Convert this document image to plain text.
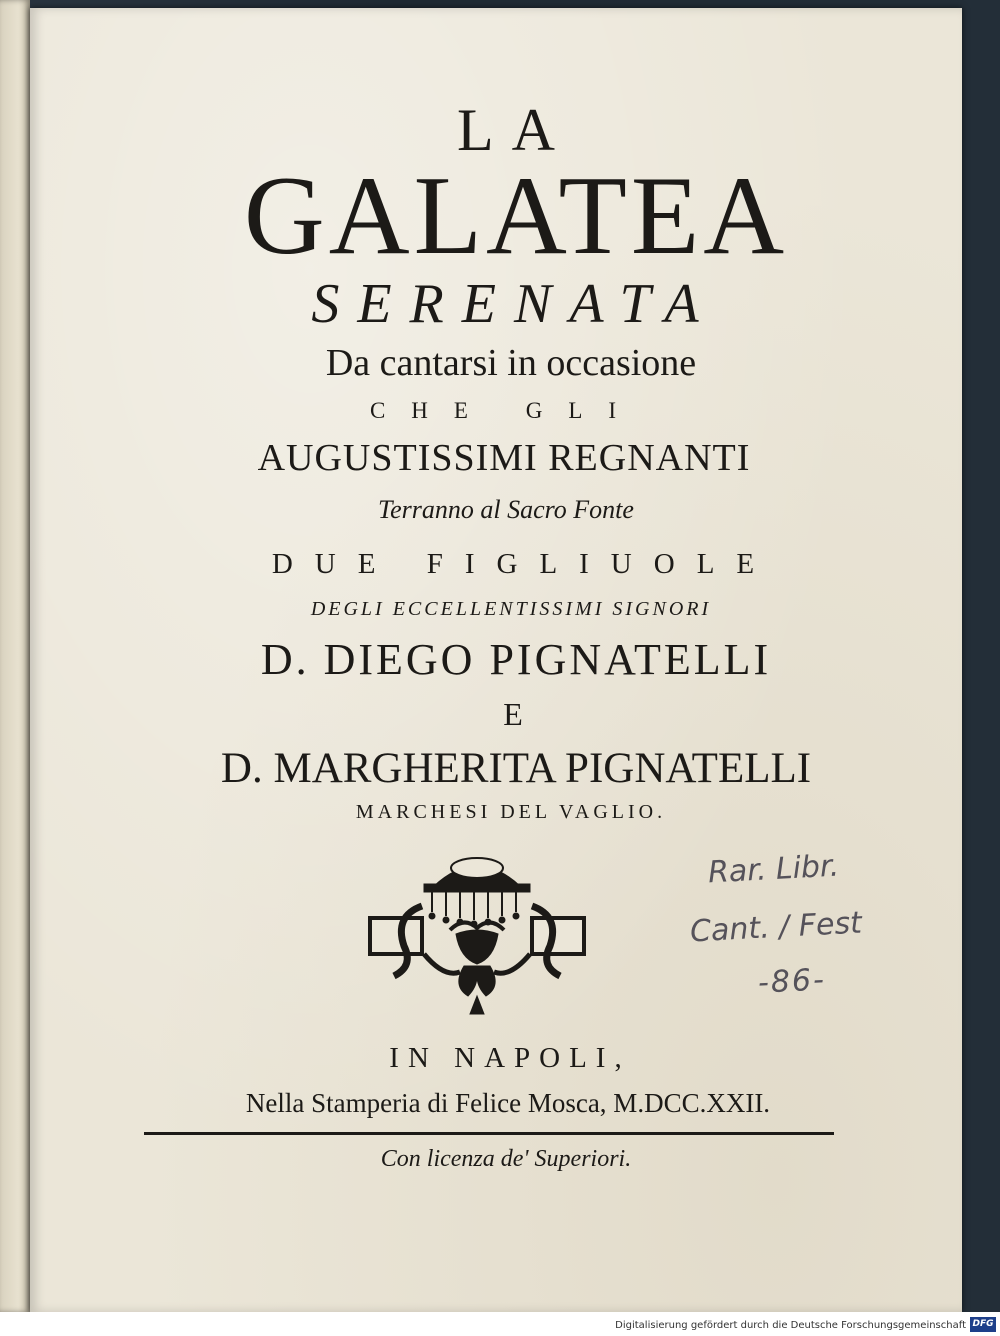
LA
GALATEA
SERENATA
Da cantarsi in occasione
CHE GLI
AUGUSTISSIMI REGNANTI
Terranno al Sacro Fonte
DUE FIGLIUOLE
DEGLI ECCELLENTISSIMI SIGNORI
D. DIEGO PIGNATELLI
E
D. MARGHERITA PIGNATELLI
MARCHESI DEL VAGLIO.
Rar. Libr.
Cant. / Fest
-86-
IN NAPOLI,
Nella Stamperia di Felice Mosca, M.DCC.XXII.
Con licenza de' Superiori.
Digitalisierung gefördert durch die Deutsche Forschungsgemeinschaft DFG
